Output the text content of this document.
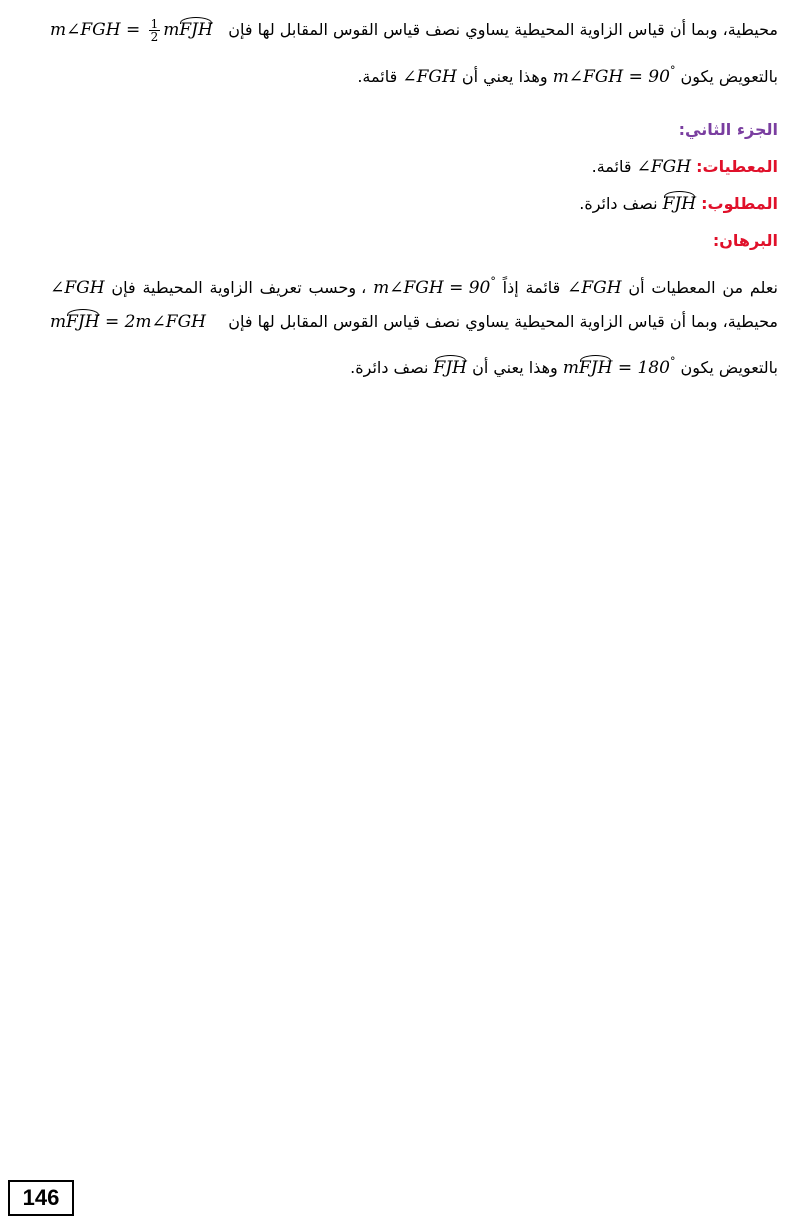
محيطية، وبما أن قياس الزاوية المحيطية يساوي نصف قياس القوس المقابل لها فإن
m∠FGH = $\frac{1}{2}$ mFJH
بالتعويض يكون m∠FGH = 90° وهذا يعني أن ∠FGH قائمة.
الجزء الثاني:
المعطيات: ∠FGH قائمة.
المطلوب: FJH نصف دائرة.
البرهان:
نعلم
من
المعطيات
أن
∠FGH
قائمة
إذاً
m∠FGH = 90°
، وحسب
تعريف
الزاوية
المحيطية
فإن
∠FGH
محيطية، وبما أن قياس الزاوية المحيطية يساوي نصف قياس القوس المقابل لها فإن
mFJH = 2m∠FGH
بالتعويض يكون mFJH = 180° وهذا يعني أن FJH نصف دائرة.
146
